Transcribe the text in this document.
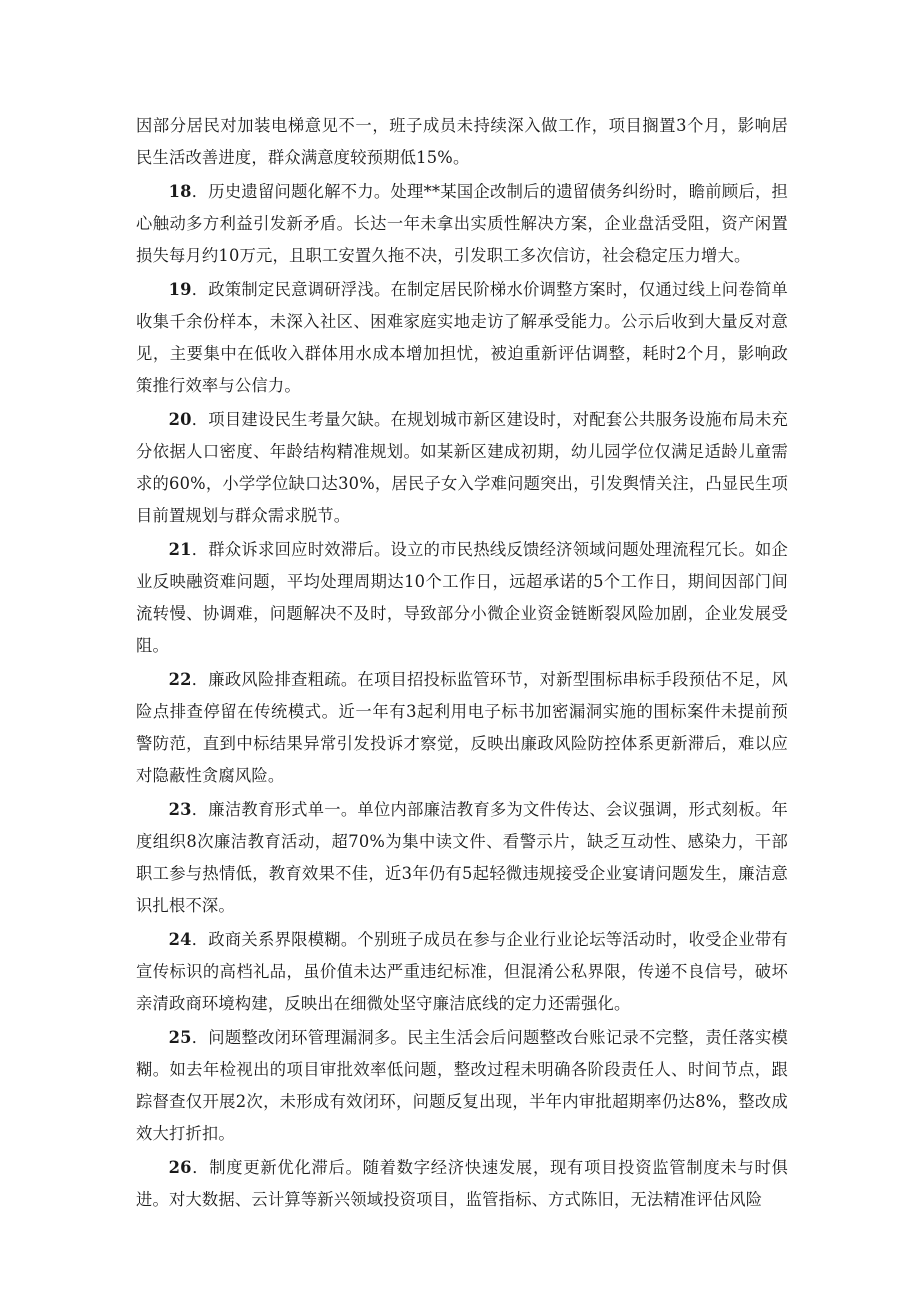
因部分居民对加装电梯意见不一，班子成员未持续深入做工作，项目搁置3个月，影响居民生活改善进度，群众满意度较预期低15%。

18．历史遗留问题化解不力。处理**某国企改制后的遗留债务纠纷时，瞻前顾后，担心触动多方利益引发新矛盾。长达一年未拿出实质性解决方案，企业盘活受阻，资产闲置损失每月约10万元，且职工安置久拖不决，引发职工多次信访，社会稳定压力增大。

19．政策制定民意调研浮浅。在制定居民阶梯水价调整方案时，仅通过线上问卷简单收集千余份样本，未深入社区、困难家庭实地走访了解承受能力。公示后收到大量反对意见，主要集中在低收入群体用水成本增加担忧，被迫重新评估调整，耗时2个月，影响政策推行效率与公信力。

20．项目建设民生考量欠缺。在规划城市新区建设时，对配套公共服务设施布局未充分依据人口密度、年龄结构精准规划。如某新区建成初期，幼儿园学位仅满足适龄儿童需求的60%，小学学位缺口达30%，居民子女入学难问题突出，引发舆情关注，凸显民生项目前置规划与群众需求脱节。

21．群众诉求回应时效滞后。设立的市民热线反馈经济领域问题处理流程冗长。如企业反映融资难问题，平均处理周期达10个工作日，远超承诺的5个工作日，期间因部门间流转慢、协调难，问题解决不及时，导致部分小微企业资金链断裂风险加剧，企业发展受阻。

22．廉政风险排查粗疏。在项目招投标监管环节，对新型围标串标手段预估不足，风险点排查停留在传统模式。近一年有3起利用电子标书加密漏洞实施的围标案件未提前预警防范，直到中标结果异常引发投诉才察觉，反映出廉政风险防控体系更新滞后，难以应对隐蔽性贪腐风险。

23．廉洁教育形式单一。单位内部廉洁教育多为文件传达、会议强调，形式刻板。年度组织8次廉洁教育活动，超70%为集中读文件、看警示片，缺乏互动性、感染力，干部职工参与热情低，教育效果不佳，近3年仍有5起轻微违规接受企业宴请问题发生，廉洁意识扎根不深。

24．政商关系界限模糊。个别班子成员在参与企业行业论坛等活动时，收受企业带有宣传标识的高档礼品，虽价值未达严重违纪标准，但混淆公私界限，传递不良信号，破坏亲清政商环境构建，反映出在细微处坚守廉洁底线的定力还需强化。

25．问题整改闭环管理漏洞多。民主生活会后问题整改台账记录不完整，责任落实模糊。如去年检视出的项目审批效率低问题，整改过程未明确各阶段责任人、时间节点，跟踪督查仅开展2次，未形成有效闭环，问题反复出现，半年内审批超期率仍达8%，整改成效大打折扣。

26．制度更新优化滞后。随着数字经济快速发展，现有项目投资监管制度未与时俱进。对大数据、云计算等新兴领域投资项目，监管指标、方式陈旧，无法精准评估风险
